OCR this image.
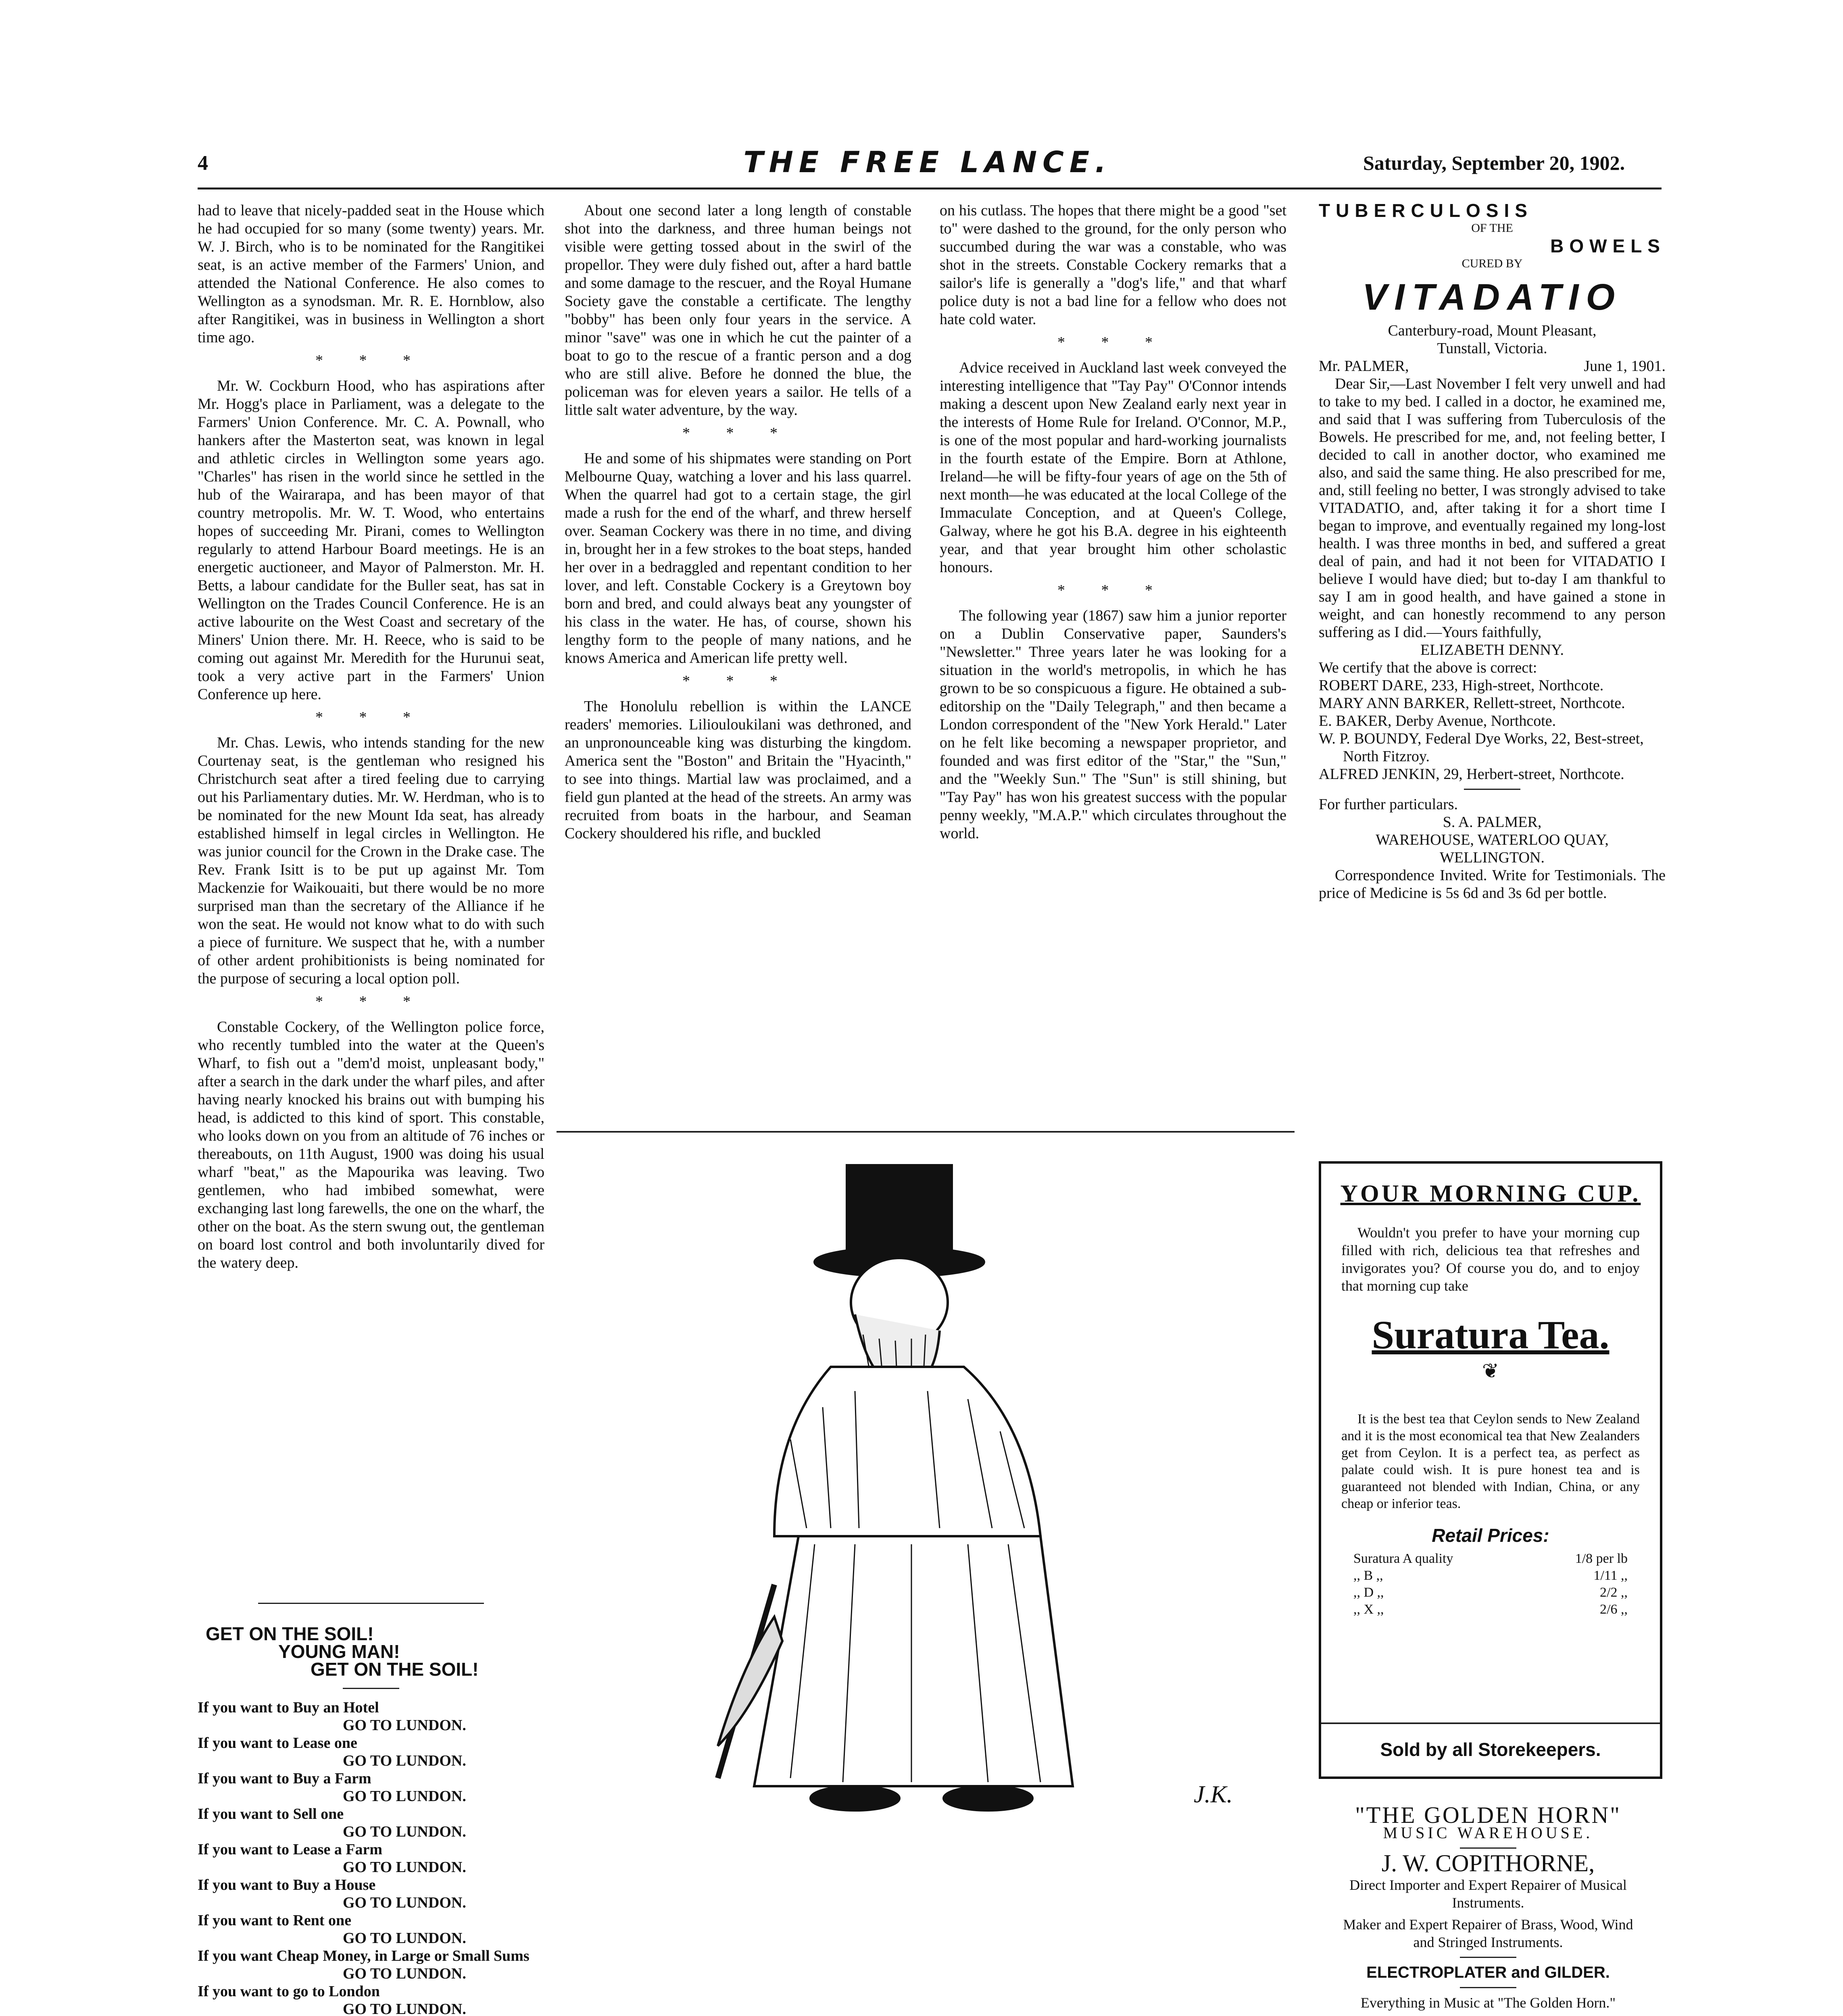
4	THE FREE LANCE.	Saturday, September 20, 1902.

had to leave that nicely-padded seat in the House which he had occupied for so many (some twenty) years. Mr. W. J. Birch, who is to be nominated for the Rangitikei seat, is an active member of the Farmers' Union, and attended the National Conference. He also comes to Wellington as a synodsman. Mr. R. E. Hornblow, also after Rangitikei, was in business in Wellington a short time ago.

* * *

Mr. W. Cockburn Hood, who has aspirations after Mr. Hogg's place in Parliament, was a delegate to the Farmers' Union Conference. Mr. C. A. Pownall, who hankers after the Masterton seat, was known in legal and athletic circles in Wellington some years ago. "Charles" has risen in the world since he settled in the hub of the Wairarapa, and has been mayor of that country metropolis. Mr. W. T. Wood, who entertains hopes of succeeding Mr. Pirani, comes to Wellington regularly to attend Harbour Board meetings. He is an energetic auctioneer, and Mayor of Palmerston. Mr. H. Betts, a labour candidate for the Buller seat, has sat in Wellington on the Trades Council Conference. He is an active labourite on the West Coast and secretary of the Miners' Union there. Mr. H. Reece, who is said to be coming out against Mr. Meredith for the Hurunui seat, took a very active part in the Farmers' Union Conference up here.

* * *

Mr. Chas. Lewis, who intends standing for the new Courtenay seat, is the gentleman who resigned his Christchurch seat after a tired feeling due to carrying out his Parliamentary duties. Mr. W. Herdman, who is to be nominated for the new Mount Ida seat, has already established himself in legal circles in Wellington. He was junior council for the Crown in the Drake case. The Rev. Frank Isitt is to be put up against Mr. Tom Mackenzie for Waikouaiti, but there would be no more surprised man than the secretary of the Alliance if he won the seat. He would not know what to do with such a piece of furniture. We suspect that he, with a number of other ardent prohibitionists is being nominated for the purpose of securing a local option poll.

* * *

Constable Cockery, of the Wellington police force, who recently tumbled into the water at the Queen's Wharf, to fish out a "dem'd moist, unpleasant body," after a search in the dark under the wharf piles, and after having nearly knocked his brains out with bumping his head, is addicted to this kind of sport. This constable, who looks down on you from an altitude of 76 inches or thereabouts, on 11th August, 1900 was doing his usual wharf "beat," as the Mapourika was leaving. Two gentlemen, who had imbibed somewhat, were exchanging last long farewells, the one on the wharf, the other on the boat. As the stern swung out, the gentleman on board lost control and both involuntarily dived for the watery deep.

GET ON THE SOIL!
YOUNG MAN!
GET ON THE SOIL!
If you want to Buy an Hotel
GO TO LUNDON.
If you want to Lease one
GO TO LUNDON.
If you want to Buy a Farm
GO TO LUNDON.
If you want to Sell one
GO TO LUNDON.
If you want to Lease a Farm
GO TO LUNDON.
If you want to Buy a House
GO TO LUNDON.
If you want to Rent one
GO TO LUNDON.
If you want Cheap Money, in Large or Small Sums
GO TO LUNDON.
If you want to go to London
GO TO LUNDON.

About one second later a long length of constable shot into the darkness, and three human beings not visible were getting tossed about in the swirl of the propellor. They were duly fished out, after a hard battle and some damage to the rescuer, and the Royal Humane Society gave the constable a certificate. The lengthy "bobby" has been only four years in the service. A minor "save" was one in which he cut the painter of a boat to go to the rescue of a frantic person and a dog who are still alive. Before he donned the blue, the policeman was for eleven years a sailor. He tells of a little salt water adventure, by the way.

* * *

He and some of his shipmates were standing on Port Melbourne Quay, watching a lover and his lass quarrel. When the quarrel had got to a certain stage, the girl made a rush for the end of the wharf, and threw herself over. Seaman Cockery was there in no time, and diving in, brought her in a few strokes to the boat steps, handed her over in a bedraggled and repentant condition to her lover, and left. Constable Cockery is a Greytown boy born and bred, and could always beat any youngster of his class in the water. He has, of course, shown his lengthy form to the people of many nations, and he knows America and American life pretty well.

* * *

The Honolulu rebellion is within the LANCE readers' memories. Liliouloukilani was dethroned, and an unpronounceable king was disturbing the kingdom. America sent the "Boston" and Britain the "Hyacinth," to see into things. Martial law was proclaimed, and a field gun planted at the head of the streets. An army was recruited from boats in the harbour, and Seaman Cockery shouldered his rifle, and buckled

on his cutlass. The hopes that there might be a good "set to" were dashed to the ground, for the only person who succumbed during the war was a constable, who was shot in the streets. Constable Cockery remarks that a sailor's life is generally a "dog's life," and that wharf police duty is not a bad line for a fellow who does not hate cold water.

* * *

Advice received in Auckland last week conveyed the interesting intelligence that "Tay Pay" O'Connor intends making a descent upon New Zealand early next year in the interests of Home Rule for Ireland. O'Connor, M.P., is one of the most popular and hard-working journalists in the fourth estate of the Empire. Born at Athlone, Ireland—he will be fifty-four years of age on the 5th of next month—he was educated at the local College of the Immaculate Conception, and at Queen's College, Galway, where he got his B.A. degree in his eighteenth year, and that year brought him other scholastic honours.

* * *

The following year (1867) saw him a junior reporter on a Dublin Conservative paper, Saunders's "Newsletter." Three years later he was looking for a situation in the world's metropolis, in which he has grown to be so conspicuous a figure. He obtained a sub-editorship on the "Daily Telegraph," and then became a London correspondent of the "New York Herald." Later on he felt like becoming a newspaper proprietor, and founded and was first editor of the "Star," the "Sun," and the "Weekly Sun." The "Sun" is still shining, but "Tay Pay" has won his greatest success with the popular penny weekly, "M.A.P." which circulates throughout the world.

J.K.
TUBERCULOSIS
OF THE
BOWELS
CURED BY
VITADATIO
Canterbury-road, Mount Pleasant,
Tunstall, Victoria.
Mr. PALMER,	June 1, 1901.
Dear Sir,—Last November I felt very unwell and had to take to my bed. I called in a doctor, he examined me, and said that I was suffering from Tuberculosis of the Bowels. He prescribed for me, and, not feeling better, I decided to call in another doctor, who examined me also, and said the same thing. He also prescribed for me, and, still feeling no better, I was strongly advised to take VITADATIO, and, after taking it for a short time I began to improve, and eventually regained my long-lost health. I was three months in bed, and suffered a great deal of pain, and had it not been for VITADATIO I believe I would have died; but to-day I am thankful to say I am in good health, and have gained a stone in weight, and can honestly recommend to any person suffering as I did.—Yours faithfully,
ELIZABETH DENNY.
We certify that the above is correct:
ROBERT DARE, 233, High-street, Northcote.
MARY ANN BARKER, Rellett-street, Northcote.
E. BAKER, Derby Avenue, Northcote.
W. P. BOUNDY, Federal Dye Works, 22, Best-street, North Fitzroy.
ALFRED JENKIN, 29, Herbert-street, Northcote.
For further particulars.
S. A. PALMER,
WAREHOUSE, WATERLOO QUAY,
WELLINGTON.
Correspondence Invited. Write for Testimonials. The price of Medicine is 5s 6d and 3s 6d per bottle.
YOUR MORNING CUP.
Wouldn't you prefer to have your morning cup filled with rich, delicious tea that refreshes and invigorates you? Of course you do, and to enjoy that morning cup take
Suratura Tea.
❦
It is the best tea that Ceylon sends to New Zealand and it is the most economical tea that New Zealanders get from Ceylon. It is a perfect tea, as perfect as palate could wish. It is pure honest tea and is guaranteed not blended with Indian, China, or any cheap or inferior teas.
Retail Prices:
Suratura A quality	1/8 per lb
,, B ,,	1/11 ,,
,, D ,,	2/2 ,,
,, X ,,	2/6 ,,
Sold by all Storekeepers.
"THE GOLDEN HORN"
MUSIC WAREHOUSE.
J. W. COPITHORNE,
Direct Importer and Expert Repairer of Musical Instruments.
Maker and Expert Repairer of Brass, Wood, Wind and Stringed Instruments.
ELECTROPLATER and GILDER.
Everything in Music at "The Golden Horn."
